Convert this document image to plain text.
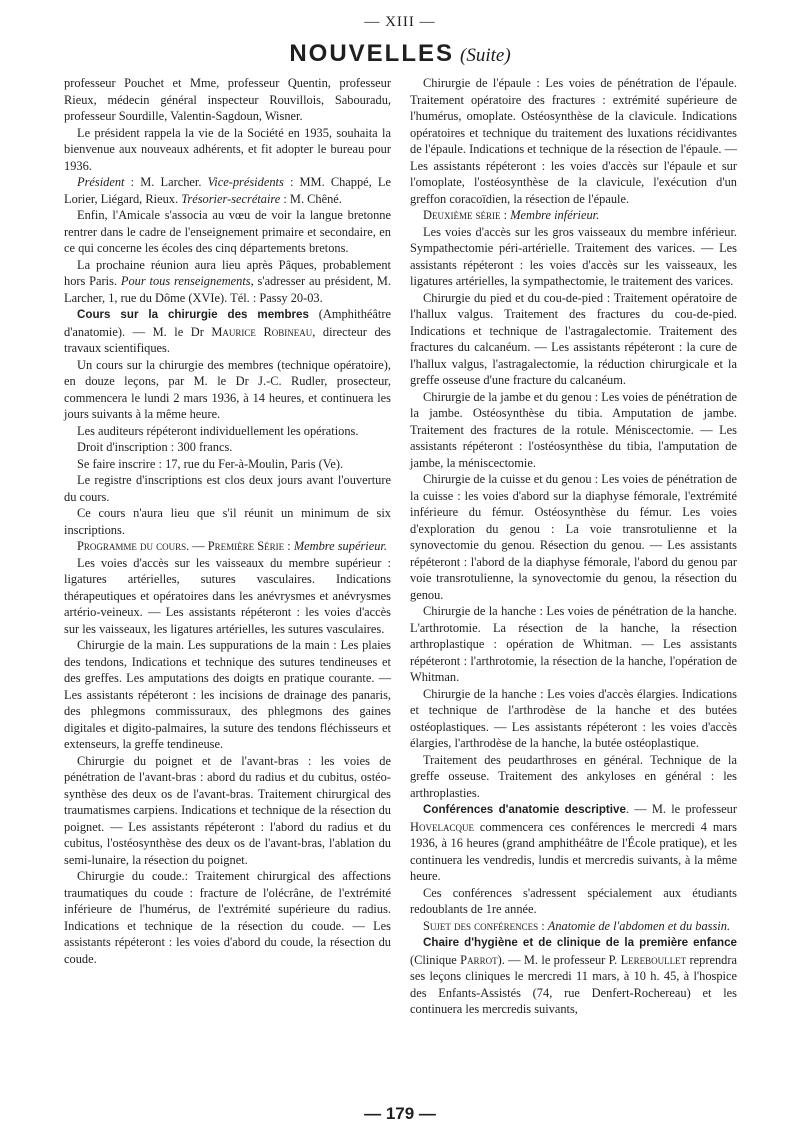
— XIII —
NOUVELLES (Suite)

professeur Pouchet et Mme, professeur Quentin, professeur Rieux, médecin général inspecteur Rouvillois, Sabouradu, professeur Sourdille, Valentin-Sagdoun, Wisner.

Le président rappela la vie de la Société en 1935, souhaita la bienvenue aux nouveaux adhérents, et fit adopter le bureau pour 1936.

Président : M. Larcher. Vice-présidents : MM. Chappé, Le Lorier, Liégard, Rieux. Trésorier-secrétaire : M. Chêné.

Enfin, l'Amicale s'associa au vœu de voir la langue bretonne rentrer dans le cadre de l'enseignement primaire et secondaire, en ce qui concerne les écoles des cinq départements bretons.

La prochaine réunion aura lieu après Pâques, probablement hors Paris. Pour tous renseignements, s'adresser au président, M. Larcher, 1, rue du Dôme (XVIe). Tél. : Passy 20-03.

Cours sur la chirurgie des membres (Amphithéâtre d'anatomie). — M. le Dr Maurice Robineau, directeur des travaux scientifiques.

Un cours sur la chirurgie des membres (technique opératoire), en douze leçons, par M. le Dr J.-C. Rudler, prosecteur, commencera le lundi 2 mars 1936, à 14 heures, et continuera les jours suivants à la même heure.

Les auditeurs répéteront individuellement les opérations.

Droit d'inscription : 300 francs.

Se faire inscrire : 17, rue du Fer-à-Moulin, Paris (Ve).

Le registre d'inscriptions est clos deux jours avant l'ouverture du cours.

Ce cours n'aura lieu que s'il réunit un minimum de six inscriptions.

Programme du cours. — Première Série : Membre supérieur.

Les voies d'accès sur les vaisseaux du membre supérieur : ligatures artérielles, sutures vasculaires. Indications thérapeutiques et opératoires dans les anévrysmes et anévrysmes artério-veineux. — Les assistants répéteront : les voies d'accès sur les vaisseaux, les ligatures artérielles, les sutures vasculaires.

Chirurgie de la main. Les suppurations de la main : Les plaies des tendons, Indications et technique des sutures tendineuses et des greffes. Les amputations des doigts en pratique courante. — Les assistants répéteront : les incisions de drainage des panaris, des phlegmons commissuraux, des phlegmons des gaines digitales et digito-palmaires, la suture des tendons fléchisseurs et extenseurs, la greffe tendineuse.

Chirurgie du poignet et de l'avant-bras : les voies de pénétration de l'avant-bras : abord du radius et du cubitus, ostéo-synthèse des deux os de l'avant-bras. Traitement chirurgical des traumatismes carpiens. Indications et technique de la résection du poignet. — Les assistants répéteront : l'abord du radius et du cubitus, l'ostéosynthèse des deux os de l'avant-bras, l'ablation du semi-lunaire, la résection du poignet.

Chirurgie du coude.: Traitement chirurgical des affections traumatiques du coude : fracture de l'olécrâne, de l'extrémité inférieure de l'humérus, de l'extrémité supérieure du radius. Indications et technique de la résection du coude. — Les assistants répéteront : les voies d'abord du coude, la résection du coude.

Chirurgie de l'épaule : Les voies de pénétration de l'épaule. Traitement opératoire des fractures : extrémité supérieure de l'humérus, omoplate. Ostéosynthèse de la clavicule. Indications opératoires et technique du traitement des luxations récidivantes de l'épaule. Indications et technique de la résection de l'épaule. — Les assistants répéteront : les voies d'accès sur l'épaule et sur l'omoplate, l'ostéosynthèse de la clavicule, l'exécution d'un greffon coracoïdien, la résection de l'épaule.

Deuxième série : Membre inférieur.

Les voies d'accès sur les gros vaisseaux du membre inférieur. Sympathectomie péri-artérielle. Traitement des varices. — Les assistants répéteront : les voies d'accès sur les vaisseaux, les ligatures artérielles, la sympathectomie, le traitement des varices.

Chirurgie du pied et du cou-de-pied : Traitement opératoire de l'hallux valgus. Traitement des fractures du cou-de-pied. Indications et technique de l'astragalectomie. Traitement des fractures du calcanéum. — Les assistants répéteront : la cure de l'hallux valgus, l'astragalectomie, la réduction chirurgicale et la greffe osseuse d'une fracture du calcanéum.

Chirurgie de la jambe et du genou : Les voies de pénétration de la jambe. Ostéosynthèse du tibia. Amputation de jambe. Traitement des fractures de la rotule. Méniscectomie. — Les assistants répéteront : l'ostéosynthèse du tibia, l'amputation de jambe, la méniscectomie.

Chirurgie de la cuisse et du genou : Les voies de pénétration de la cuisse : les voies d'abord sur la diaphyse fémorale, l'extrémité inférieure du fémur. Ostéosynthèse du fémur. Les voies d'exploration du genou : La voie transrotulienne et la synovectomie du genou. Résection du genou. — Les assistants répéteront : l'abord de la diaphyse fémorale, l'abord du genou par voie transrotulienne, la synovectomie du genou, la résection du genou.

Chirurgie de la hanche : Les voies de pénétration de la hanche. L'arthrotomie. La résection de la hanche, la résection arthroplastique : opération de Whitman. — Les assistants répéteront : l'arthrotomie, la résection de la hanche, l'opération de Whitman.

Chirurgie de la hanche : Les voies d'accès élargies. Indications et technique de l'arthrodèse de la hanche et des butées ostéoplastiques. — Les assistants répéteront : les voies d'accès élargies, l'arthrodèse de la hanche, la butée ostéoplastique.

Traitement des peudarthroses en général. Technique de la greffe osseuse. Traitement des ankyloses en général : les arthroplasties.

Conférences d'anatomie descriptive. — M. le professeur Hovelacque commencera ces conférences le mercredi 4 mars 1936, à 16 heures (grand amphithéâtre de l'École pratique), et les continuera les vendredis, lundis et mercredis suivants, à la même heure.

Ces conférences s'adressent spécialement aux étudiants redoublants de 1re année.

Sujet des conférences : Anatomie de l'abdomen et du bassin.

Chaire d'hygiène et de clinique de la première enfance (Clinique Parrot). — M. le professeur P. Lereboullet reprendra ses leçons cliniques le mercredi 11 mars, à 10 h. 45, à l'hospice des Enfants-Assistés (74, rue Denfert-Rochereau) et les continuera les mercredis suivants,

— 179 —
